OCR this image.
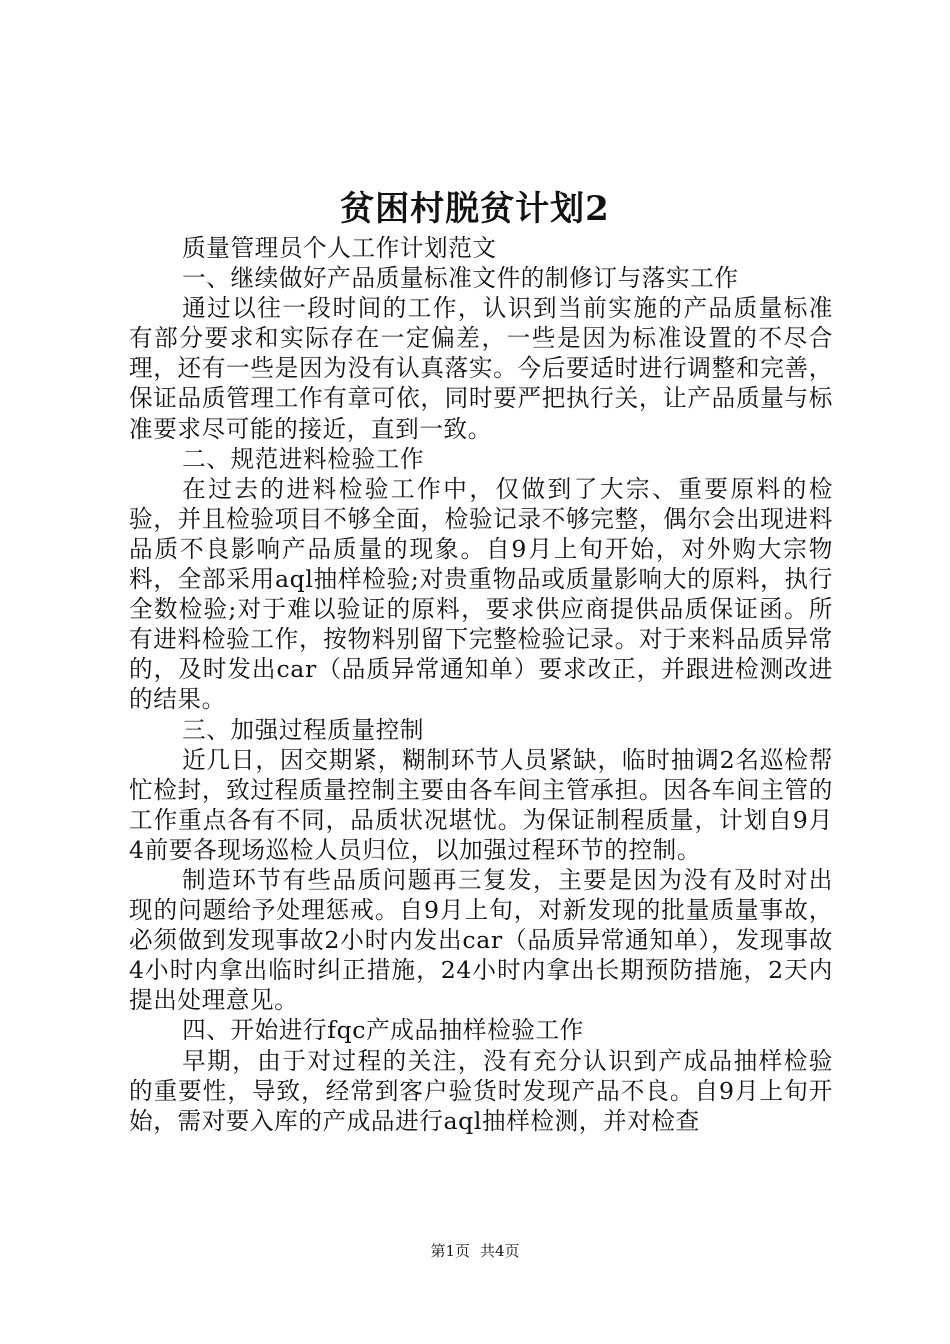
贫困村脱贫计划2

质量管理员个人工作计划范文

一、继续做好产品质量标准文件的制修订与落实工作

通过以往一段时间的工作，认识到当前实施的产品质量标准有部分要求和实际存在一定偏差，一些是因为标准设置的不尽合理，还有一些是因为没有认真落实。今后要适时进行调整和完善，保证品质管理工作有章可依，同时要严把执行关，让产品质量与标准要求尽可能的接近，直到一致。

二、规范进料检验工作

在过去的进料检验工作中，仅做到了大宗、重要原料的检验，并且检验项目不够全面，检验记录不够完整，偶尔会出现进料品质不良影响产品质量的现象。自9月上旬开始，对外购大宗物料，全部采用aql抽样检验;对贵重物品或质量影响大的原料，执行全数检验;对于难以验证的原料，要求供应商提供品质保证函。所有进料检验工作，按物料别留下完整检验记录。对于来料品质异常的，及时发出car（品质异常通知单）要求改正，并跟进检测改进的结果。

三、加强过程质量控制

近几日，因交期紧，糊制环节人员紧缺，临时抽调2名巡检帮忙检封，致过程质量控制主要由各车间主管承担。因各车间主管的工作重点各有不同，品质状况堪忧。为保证制程质量，计划自9月4前要各现场巡检人员归位，以加强过程环节的控制。

制造环节有些品质问题再三复发，主要是因为没有及时对出现的问题给予处理惩戒。自9月上旬，对新发现的批量质量事故，必须做到发现事故2小时内发出car（品质异常通知单），发现事故4小时内拿出临时纠正措施，24小时内拿出长期预防措施，2天内提出处理意见。

四、开始进行fqc产成品抽样检验工作

早期，由于对过程的关注，没有充分认识到产成品抽样检验的重要性，导致，经常到客户验货时发现产品不良。自9月上旬开始，需对要入库的产成品进行aql抽样检测，并对检查

第1页 共4页
